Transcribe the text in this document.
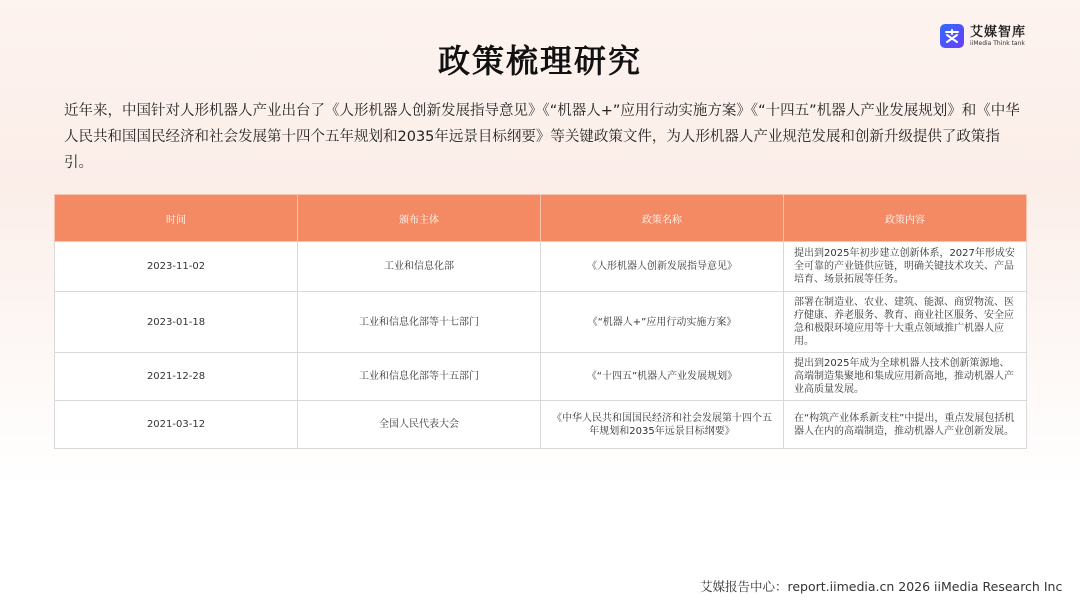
艾媒智库
iiMedia Think tank
政策梳理研究
近年来，中国针对人形机器人产业出台了《人形机器人创新发展指导意见》《“机器人+”应用行动实施方案》《“十四五”机器人产业发展规划》和《中华人民共和国国民经济和社会发展第十四个五年规划和2035年远景目标纲要》等关键政策文件，为人形机器人产业规范发展和创新升级提供了政策指引。
时间	颁布主体	政策名称	政策内容
2023-11-02	工业和信息化部	《人形机器人创新发展指导意见》	提出到2025年初步建立创新体系，2027年形成安全可靠的产业链供应链，明确关键技术攻关、产品培育、场景拓展等任务。
2023-01-18	工业和信息化部等十七部门	《“机器人+”应用行动实施方案》	部署在制造业、农业、建筑、能源、商贸物流、医疗健康、养老服务、教育、商业社区服务、安全应急和极限环境应用等十大重点领域推广机器人应用。
2021-12-28	工业和信息化部等十五部门	《“十四五”机器人产业发展规划》	提出到2025年成为全球机器人技术创新策源地、高端制造集聚地和集成应用新高地，推动机器人产业高质量发展。
2021-03-12	全国人民代表大会	《中华人民共和国国民经济和社会发展第十四个五年规划和2035年远景目标纲要》	在“构筑产业体系新支柱”中提出，重点发展包括机器人在内的高端制造，推动机器人产业创新发展。
艾媒报告中心：report.iimedia.cn 2026 iiMedia Research Inc
